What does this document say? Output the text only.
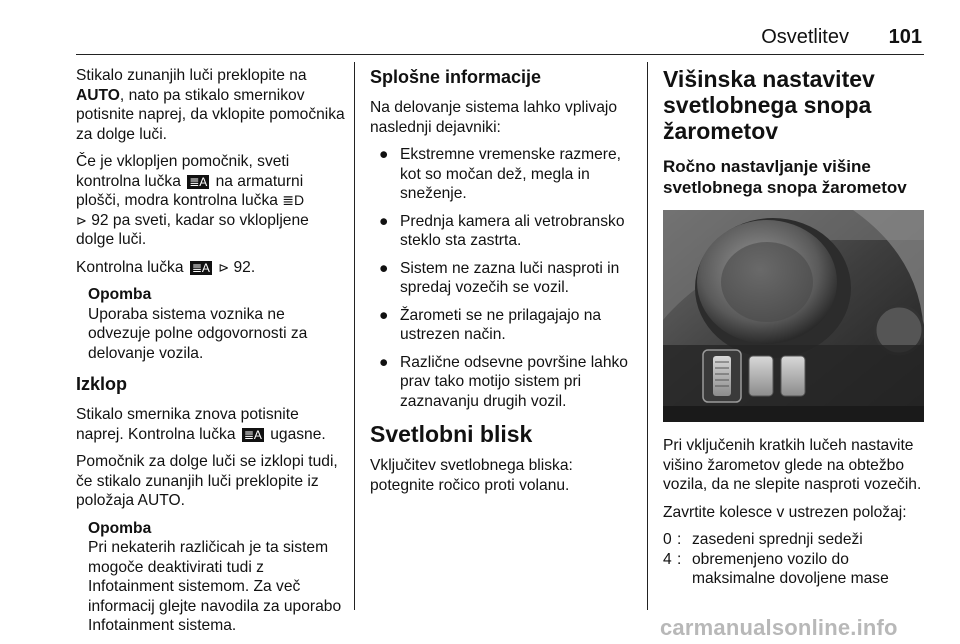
Osvetlitev 101

Stikalo zunanjih luči preklopite na AUTO, nato pa stikalo smernikov potisnite naprej, da vklopite pomočnika za dolge luči.

Če je vklopljen pomočnik, sveti kontrolna lučka ≣A na armaturni plošči, modra kontrolna lučka ≣D
⊳ 92 pa sveti, kadar so vklopljene dolge luči.

Kontrolna lučka ≣A ⊳ 92.

Opomba
Uporaba sistema voznika ne odvezuje polne odgovornosti za delovanje vozila.
Izklop

Stikalo smernika znova potisnite naprej. Kontrolna lučka ≣A ugasne.

Pomočnik za dolge luči se izklopi tudi, če stikalo zunanjih luči preklopite iz položaja AUTO.

Opomba
Pri nekaterih različicah je ta sistem mogoče deaktivirati tudi z Infotainment sistemom. Za več informacij glejte navodila za uporabo Infotainment sistema.
Splošne informacije

Na delovanje sistema lahko vplivajo naslednji dejavniki:

● Ekstremne vremenske razmere, kot so močan dež, megla in sneženje.
● Prednja kamera ali vetrobransko steklo sta zastrta.
● Sistem ne zazna luči nasproti in spredaj vozečih se vozil.
● Žarometi se ne prilagajajo na ustrezen način.
● Različne odsevne površine lahko prav tako motijo sistem pri zaznavanju drugih vozil.
Svetlobni blisk

Vključitev svetlobnega bliska: potegnite ročico proti volanu.

Višinska nastavitev svetlobnega snopa žarometov
Ročno nastavljanje višine svetlobnega snopa žarometov

Pri vključenih kratkih lučeh nastavite višino žarometov glede na obtežbo vozila, da ne slepite nasproti vozečih.

Zavrtite kolesce v ustrezen položaj:

0 : zasedeni sprednji sedeži
4 : obremenjeno vozilo do maksimalne dovoljene mase
carmanualsonline.info
